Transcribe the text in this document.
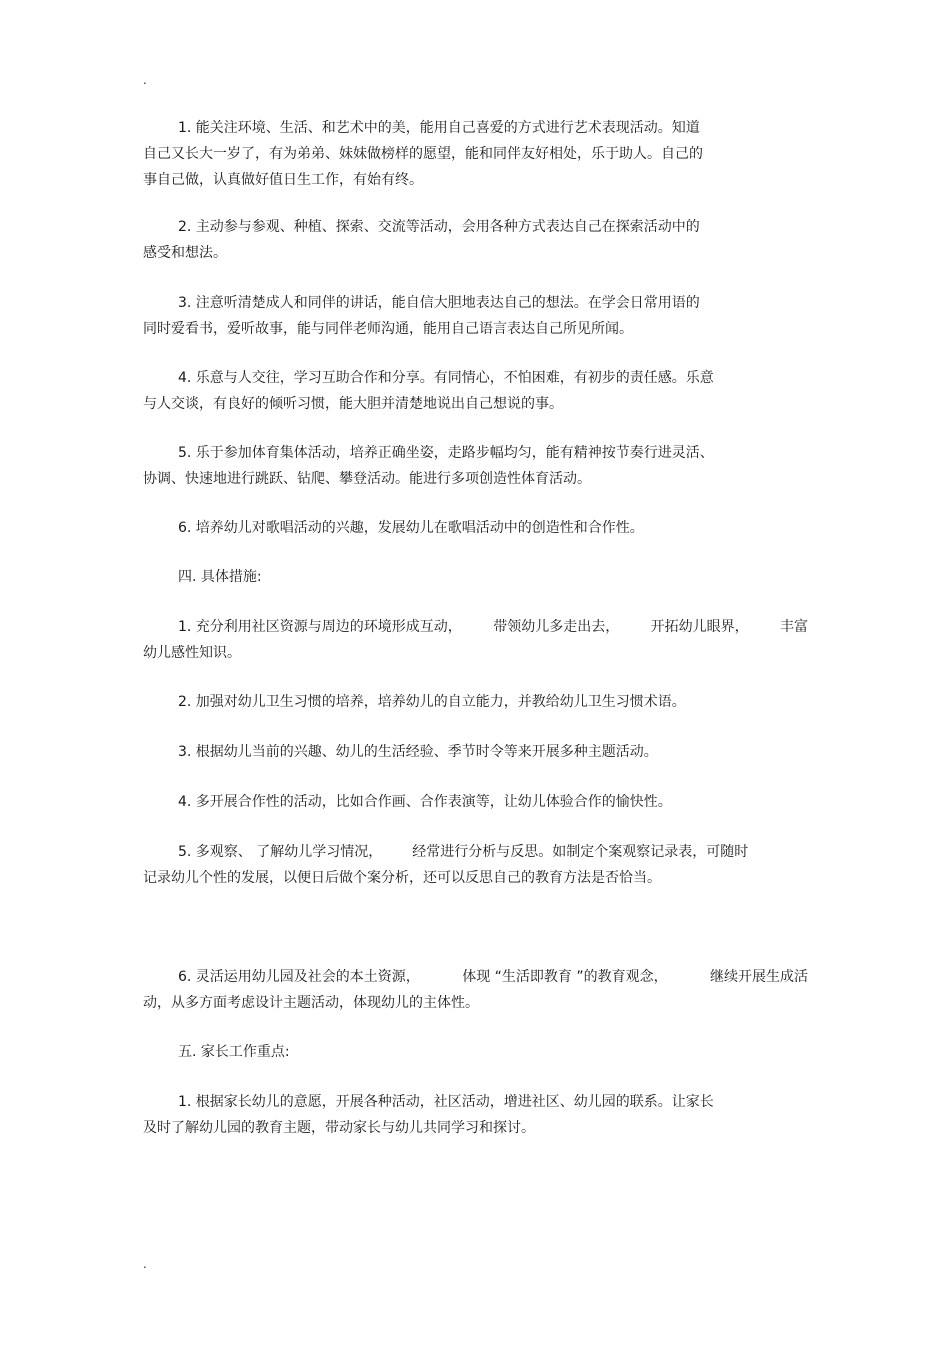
.
1. 能关注环境、生活、和艺术中的美，能用自己喜爱的方式进行艺术表现活动。知道
自己又长大一岁了，有为弟弟、妹妹做榜样的愿望，能和同伴友好相处，乐于助人。自己的
事自己做，认真做好值日生工作，有始有终。
2. 主动参与参观、种植、探索、交流等活动，会用各种方式表达自己在探索活动中的
感受和想法。
3. 注意听清楚成人和同伴的讲话，能自信大胆地表达自己的想法。在学会日常用语的
同时爱看书，爱听故事，能与同伴老师沟通，能用自己语言表达自己所见所闻。
4. 乐意与人交往，学习互助合作和分享。有同情心，不怕困难，有初步的责任感。乐意
与人交谈，有良好的倾听习惯，能大胆并清楚地说出自己想说的事。
5. 乐于参加体育集体活动，培养正确坐姿，走路步幅均匀，能有精神按节奏行进灵活、
协调、快速地进行跳跃、钻爬、攀登活动。能进行多项创造性体育活动。
6. 培养幼儿对歌唱活动的兴趣，发展幼儿在歌唱活动中的创造性和合作性。

四. 具体措施:

1. 充分利用社区资源与周边的环境形成互动， 带领幼儿多走出去， 开拓幼儿眼界， 丰富
幼儿感性知识。
2. 加强对幼儿卫生习惯的培养，培养幼儿的自立能力，并教给幼儿卫生习惯术语。
3. 根据幼儿当前的兴趣、幼儿的生活经验、季节时令等来开展多种主题活动。
4. 多开展合作性的活动，比如合作画、合作表演等，让幼儿体验合作的愉快性。
5. 多观察、 了解幼儿学习情况，	经常进行分析与反思。如制定个案观察记录表，可随时
记录幼儿个性的发展，以便日后做个案分析，还可以反思自己的教育方法是否恰当。
6. 灵活运用幼儿园及社会的本土资源，	体现 “生活即教育 ”的教育观念，	继续开展生成活
动，从多方面考虑设计主题活动，体现幼儿的主体性。

五. 家长工作重点:

1. 根据家长幼儿的意愿，开展各种活动，社区活动，增进社区、幼儿园的联系。让家长
及时了解幼儿园的教育主题，带动家长与幼儿共同学习和探讨。
.
